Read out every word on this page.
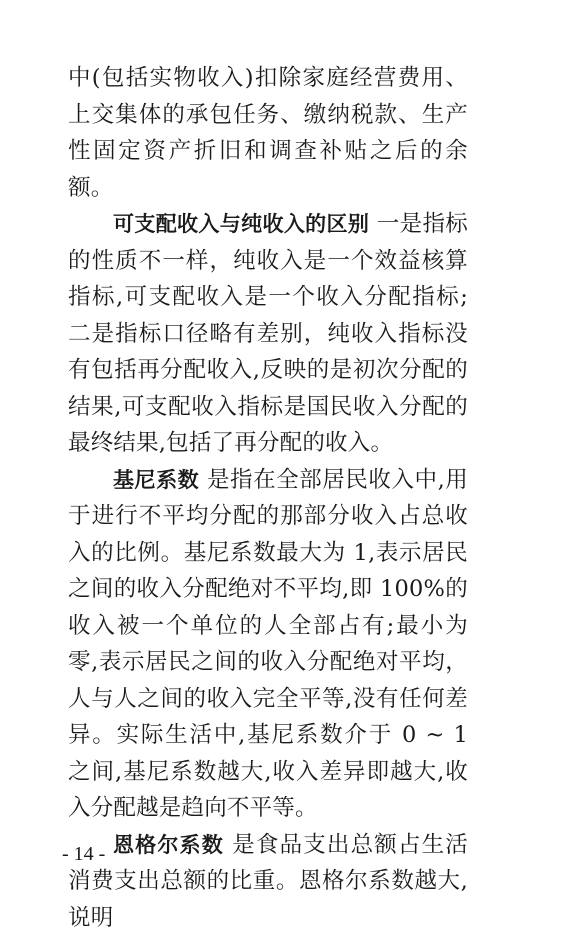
中(包括实物收入)扣除家庭经营费用、上交集体的承包任务、缴纳税款、生产性固定资产折旧和调查补贴之后的余额。

可支配收入与纯收入的区别 一是指标的性质不一样，纯收入是一个效益核算指标,可支配收入是一个收入分配指标;二是指标口径略有差别，纯收入指标没有包括再分配收入,反映的是初次分配的结果,可支配收入指标是国民收入分配的最终结果,包括了再分配的收入。

基尼系数 是指在全部居民收入中,用于进行不平均分配的那部分收入占总收入的比例。基尼系数最大为 1,表示居民之间的收入分配绝对不平均,即 100%的收入被一个单位的人全部占有;最小为零,表示居民之间的收入分配绝对平均，人与人之间的收入完全平等,没有任何差异。实际生活中,基尼系数介于 0 ~ 1 之间,基尼系数越大,收入差异即越大,收入分配越是趋向不平等。

恩格尔系数 是食品支出总额占生活消费支出总额的比重。恩格尔系数越大,说明

- 14 -
